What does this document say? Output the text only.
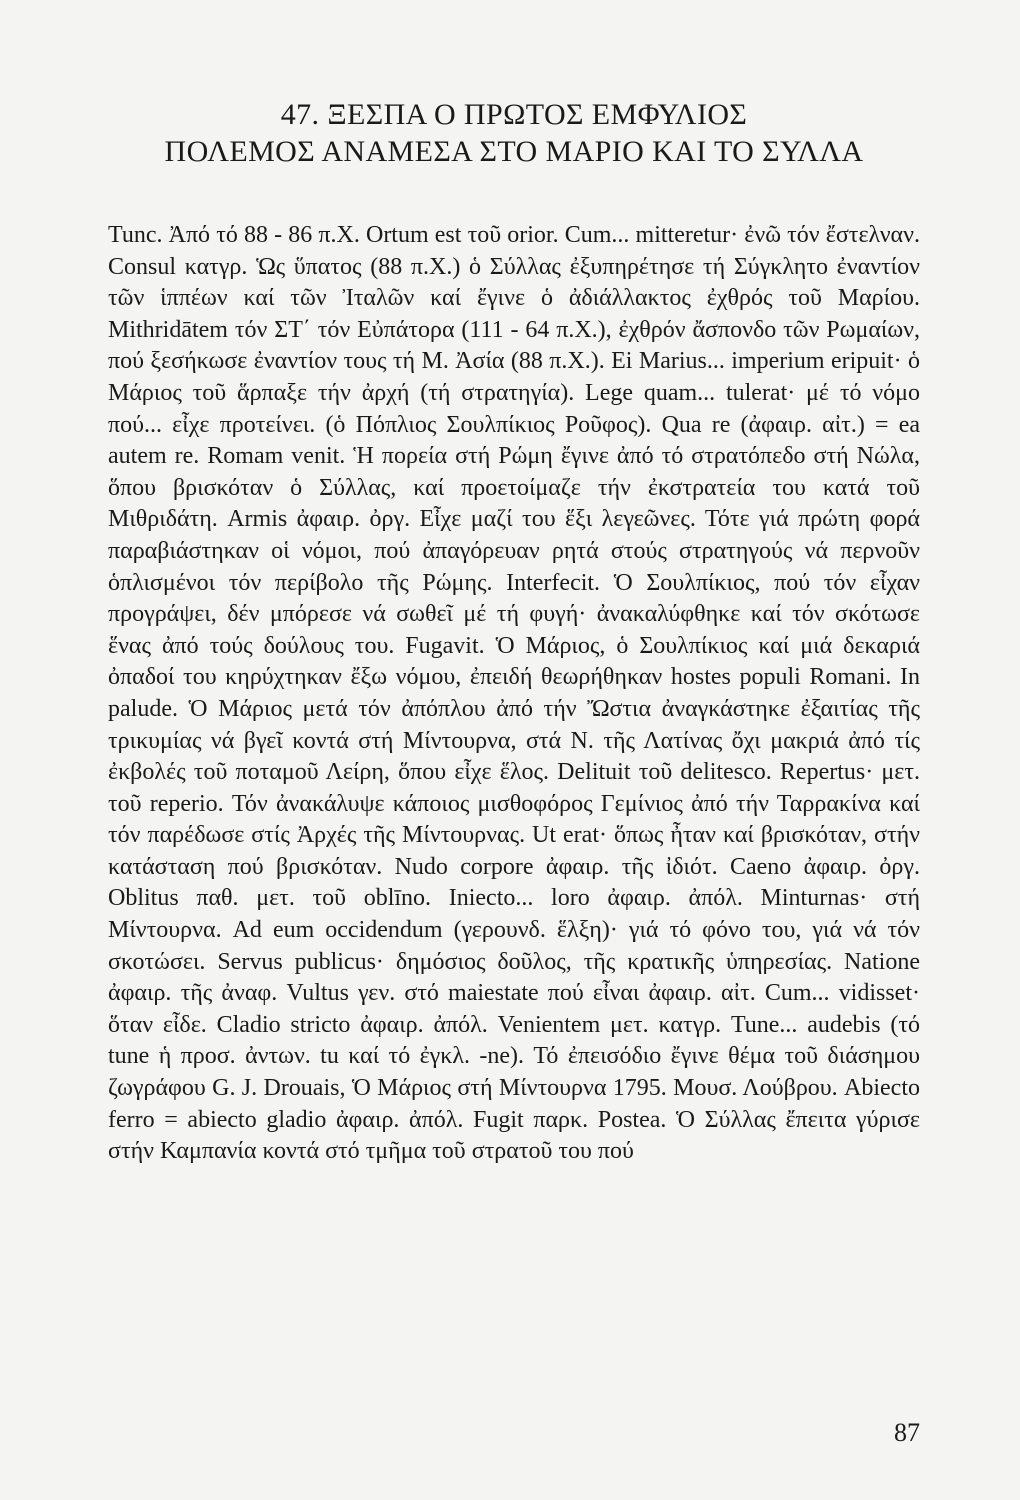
47. ΞΕΣΠΑ Ο ΠΡΩΤΟΣ ΕΜΦΥΛΙΟΣ
ΠΟΛΕΜΟΣ ΑΝΑΜΕΣΑ ΣΤΟ ΜΑΡΙΟ ΚΑΙ ΤΟ ΣΥΛΛΑ

Tunc. Ἀπό τό 88 - 86 π.Χ. Ortum est τοῦ orior. Cum... mitteretur· ἐνῶ τόν ἔστελναν. Consul κατγρ. Ὡς ὕπατος (88 π.Χ.) ὁ Σύλλας ἐξυπηρέτησε τή Σύγκλητο ἐναντίον τῶν ἱππέων καί τῶν Ἰταλῶν καί ἔγινε ὁ ἀδιάλλακτος ἐχθρός τοῦ Μαρίου. Mithridātem τόν ΣΤ΄ τόν Εὐπάτορα (111 - 64 π.Χ.), ἐχθρόν ἄσπονδο τῶν Ρωμαίων, πού ξεσήκωσε ἐναντίον τους τή Μ. Ἀσία (88 π.Χ.). Ei Marius... imperium eripuit· ὁ Μάριος τοῦ ἅρπαξε τήν ἀρχή (τή στρατηγία). Lege quam... tulerat· μέ τό νόμο πού... εἶχε προτείνει. (ὁ Πόπλιος Σουλπίκιος Ροῦφος). Qua re (ἀφαιρ. αἰτ.) = ea autem re. Romam venit. Ἡ πορεία στή Ρώμη ἔγινε ἀπό τό στρατόπεδο στή Νώλα, ὅπου βρισκόταν ὁ Σύλλας, καί προετοίμαζε τήν ἐκστρατεία του κατά τοῦ Μιθριδάτη. Armis ἀφαιρ. ὀργ. Εἶχε μαζί του ἕξι λεγεῶνες. Τότε γιά πρώτη φορά παραβιάστηκαν οἱ νόμοι, πού ἀπαγόρευαν ρητά στούς στρατηγούς νά περνοῦν ὁπλισμένοι τόν περίβολο τῆς Ρώμης. Interfecit. Ὁ Σουλπίκιος, πού τόν εἶχαν προγράψει, δέν μπόρεσε νά σωθεῖ μέ τή φυγή· ἀνακαλύφθηκε καί τόν σκότωσε ἕνας ἀπό τούς δούλους του. Fugavit. Ὁ Μάριος, ὁ Σουλπίκιος καί μιά δεκαριά ὀπαδοί του κηρύχτηκαν ἔξω νόμου, ἐπειδή θεωρήθηκαν hostes populi Romani. In palude. Ὁ Μάριος μετά τόν ἀπόπλου ἀπό τήν Ὤστια ἀναγκάστηκε ἐξαιτίας τῆς τρικυμίας νά βγεῖ κοντά στή Μίντουρνα, στά Ν. τῆς Λατίνας ὄχι μακριά ἀπό τίς ἐκβολές τοῦ ποταμοῦ Λείρη, ὅπου εἶχε ἕλος. Delituit τοῦ delitesco. Repertus· μετ. τοῦ reperio. Τόν ἀνακάλυψε κάποιος μισθοφόρος Γεμίνιος ἀπό τήν Ταρρακίνα καί τόν παρέδωσε στίς Ἀρχές τῆς Μίντουρνας. Ut erat· ὅπως ἦταν καί βρισκόταν, στήν κατάσταση πού βρισκόταν. Nudo corpore ἀφαιρ. τῆς ἰδιότ. Caeno ἀφαιρ. ὀργ. Oblitus παθ. μετ. τοῦ oblīno. Iniecto... loro ἀφαιρ. ἀπόλ. Minturnas· στή Μίντουρνα. Ad eum occidendum (γερουνδ. ἕλξη)· γιά τό φόνο του, γιά νά τόν σκοτώσει. Servus publicus· δημόσιος δοῦλος, τῆς κρατικῆς ὑπηρεσίας. Natione ἀφαιρ. τῆς ἀναφ. Vultus γεν. στό maiestate πού εἶναι ἀφαιρ. αἰτ. Cum... vidisset· ὅταν εἶδε. Cladio stricto ἀφαιρ. ἀπόλ. Venientem μετ. κατγρ. Tune... audebis (τό tune ἡ προσ. ἀντων. tu καί τό ἐγκλ. -ne). Τό ἐπεισόδιο ἔγινε θέμα τοῦ διάσημου ζωγράφου G. J. Drouais, Ὁ Μάριος στή Μίντουρνα 1795. Μουσ. Λούβρου. Abiecto ferro = abiecto gladio ἀφαιρ. ἀπόλ. Fugit παρκ. Postea. Ὁ Σύλλας ἔπειτα γύρισε στήν Καμπανία κοντά στό τμῆμα τοῦ στρατοῦ του πού

87
